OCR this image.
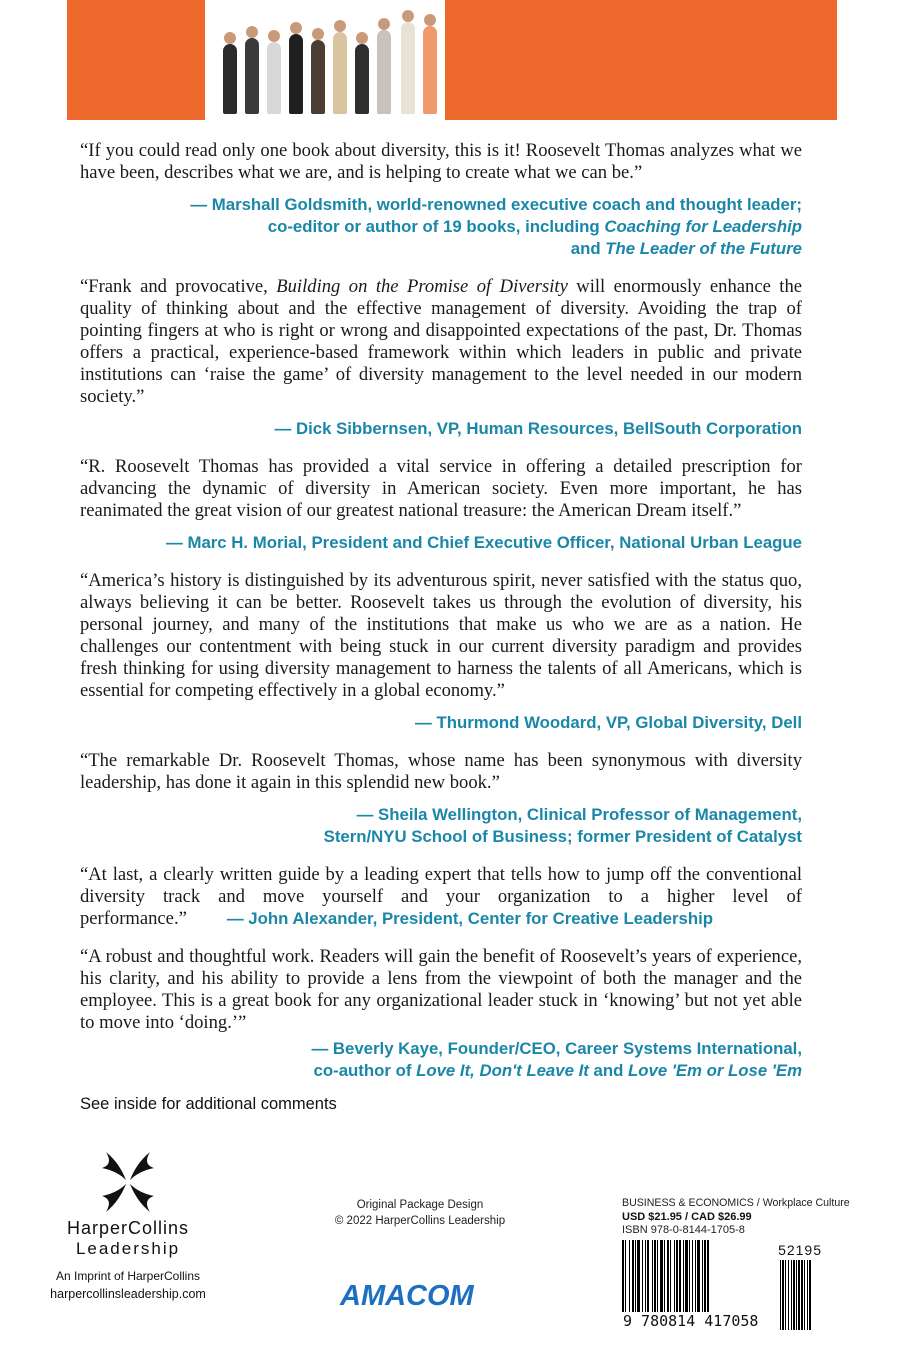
“If you could read only one book about diversity, this is it! Roosevelt Thomas analyzes what we have been, describes what we are, and is helping to create what we can be.”

— Marshall Goldsmith, world-renowned executive coach and thought leader;
co-editor or author of 19 books, including Coaching for Leadership
and The Leader of the Future

“Frank and provocative, Building on the Promise of Diversity will enormously enhance the quality of thinking about and the effective management of diversity. Avoiding the trap of pointing fingers at who is right or wrong and disappointed expectations of the past, Dr. Thomas offers a practical, experience-based framework within which leaders in public and private institutions can ‘raise the game’ of diversity management to the level needed in our modern society.”

— Dick Sibbernsen, VP, Human Resources, BellSouth Corporation

“R. Roosevelt Thomas has provided a vital service in offering a detailed prescription for advancing the dynamic of diversity in American society. Even more important, he has reanimated the great vision of our greatest national treasure: the American Dream itself.”

— Marc H. Morial, President and Chief Executive Officer, National Urban League

“America’s history is distinguished by its adventurous spirit, never satisfied with the status quo, always believing it can be better. Roosevelt takes us through the evolution of diversity, his personal journey, and many of the institutions that make us who we are as a nation. He challenges our contentment with being stuck in our current diversity paradigm and provides fresh thinking for using diversity management to harness the talents of all Americans, which is essential for competing effectively in a global economy.”

— Thurmond Woodard, VP, Global Diversity, Dell

“The remarkable Dr. Roosevelt Thomas, whose name has been synonymous with diversity leadership, has done it again in this splendid new book.”

— Sheila Wellington, Clinical Professor of Management,
Stern/NYU School of Business; former President of Catalyst

“At last, a clearly written guide by a leading expert that tells how to jump off the conventional diversity track and move yourself and your organization to a higher level of performance.” — John Alexander, President, Center for Creative Leadership

“A robust and thoughtful work. Readers will gain the benefit of Roosevelt’s years of experience, his clarity, and his ability to provide a lens from the viewpoint of both the manager and the employee. This is a great book for any organizational leader stuck in ‘knowing’ but not yet able to move into ‘doing.’”

— Beverly Kaye, Founder/CEO, Career Systems International,
co-author of Love It, Don't Leave It and Love 'Em or Lose 'Em
See inside for additional comments
HarperCollins
Leadership
An Imprint of HarperCollins
harpercollinsleadership.com
Original Package Design
© 2022 HarperCollins Leadership
AMACOM
BUSINESS & ECONOMICS / Workplace Culture
USD $21.95 / CAD $26.99
ISBN 978-0-8144-1705-8
52195
9 780814 417058
